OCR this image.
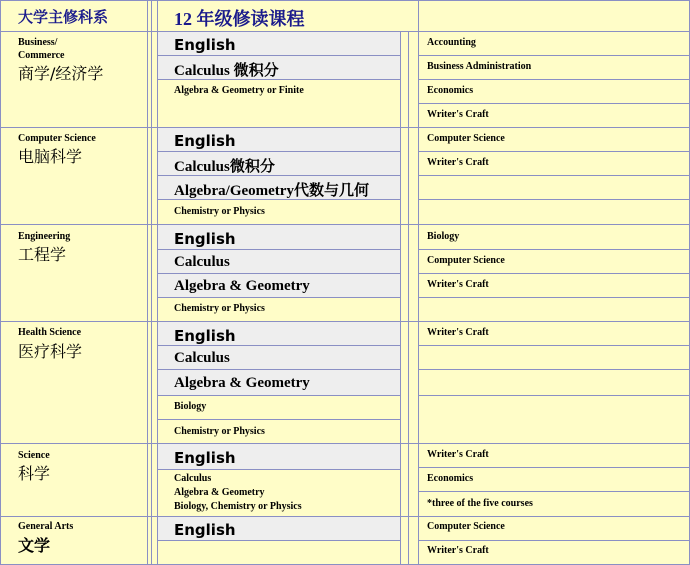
大学主修科系	12 年级修读课程
Business/
Commerce
商学/经济学
English
Calculus 微积分
Algebra & Geometry or Finite
Accounting
Business Administration
Economics
Writer's Craft
Computer Science
电脑科学
English
Calculus微积分
Algebra/Geometry代数与几何
Chemistry or Physics
Computer Science
Writer's Craft
Engineering
工程学
English
Calculus
Algebra & Geometry
Chemistry or Physics
Biology
Computer Science
Writer's Craft
Health Science
医疗科学
English
Calculus
Algebra & Geometry
Biology
Chemistry or Physics
Writer's Craft
Science
科学
English
Calculus
Algebra & Geometry
Biology, Chemistry or Physics
Writer's Craft
Economics
*three of the five courses
General Arts
文学
English	Computer Science
Writer's Craft
